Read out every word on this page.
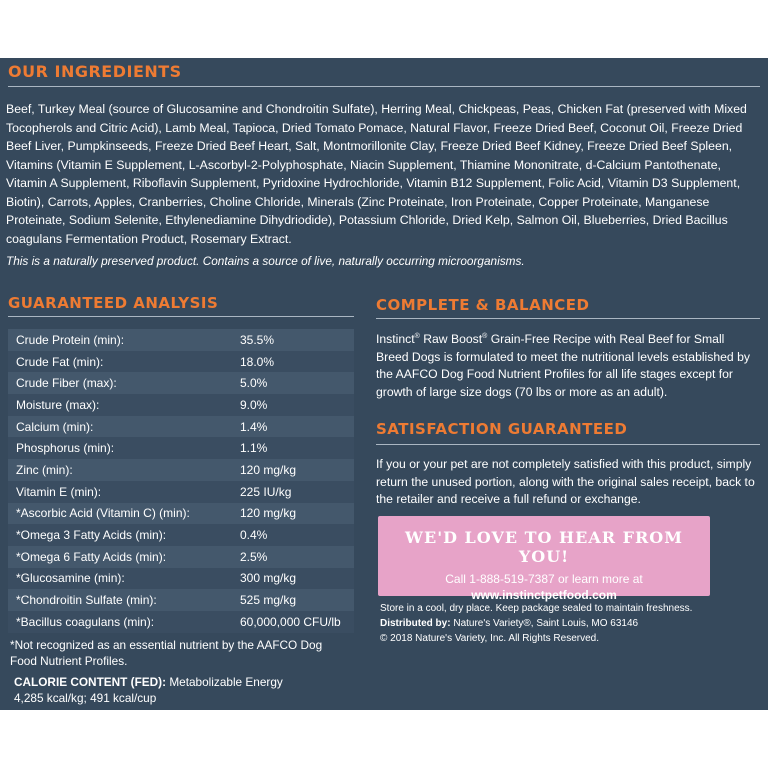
OUR INGREDIENTS
Beef, Turkey Meal (source of Glucosamine and Chondroitin Sulfate), Herring Meal, Chickpeas, Peas, Chicken Fat (preserved with Mixed Tocopherols and Citric Acid), Lamb Meal, Tapioca, Dried Tomato Pomace, Natural Flavor, Freeze Dried Beef, Coconut Oil, Freeze Dried Beef Liver, Pumpkinseeds, Freeze Dried Beef Heart, Salt, Montmorillonite Clay, Freeze Dried Beef Kidney, Freeze Dried Beef Spleen, Vitamins (Vitamin E Supplement, L-Ascorbyl-2-Polyphosphate, Niacin Supplement, Thiamine Mononitrate, d-Calcium Pantothenate, Vitamin A Supplement, Riboflavin Supplement, Pyridoxine Hydrochloride, Vitamin B12 Supplement, Folic Acid, Vitamin D3 Supplement, Biotin), Carrots, Apples, Cranberries, Choline Chloride, Minerals (Zinc Proteinate, Iron Proteinate, Copper Proteinate, Manganese Proteinate, Sodium Selenite, Ethylenediamine Dihydriodide), Potassium Chloride, Dried Kelp, Salmon Oil, Blueberries, Dried Bacillus coagulans Fermentation Product, Rosemary Extract.
This is a naturally preserved product. Contains a source of live, naturally occurring microorganisms.
GUARANTEED ANALYSIS
Crude Protein (min):	35.5%
Crude Fat (min):	18.0%
Crude Fiber (max):	5.0%
Moisture (max):	9.0%
Calcium (min):	1.4%
Phosphorus (min):	1.1%
Zinc (min):	120 mg/kg
Vitamin E (min):	225 IU/kg
*Ascorbic Acid (Vitamin C) (min):	120 mg/kg
*Omega 3 Fatty Acids (min):	0.4%
*Omega 6 Fatty Acids (min):	2.5%
*Glucosamine (min):	300 mg/kg
*Chondroitin Sulfate (min):	525 mg/kg
*Bacillus coagulans (min):	60,000,000 CFU/lb
*Not recognized as an essential nutrient by the AAFCO Dog Food Nutrient Profiles.
CALORIE CONTENT (FED): Metabolizable Energy
4,285 kcal/kg; 491 kcal/cup
COMPLETE & BALANCED
Instinct® Raw Boost® Grain-Free Recipe with Real Beef for Small Breed Dogs is formulated to meet the nutritional levels established by the AAFCO Dog Food Nutrient Profiles for all life stages except for growth of large size dogs (70 lbs or more as an adult).
SATISFACTION GUARANTEED
If you or your pet are not completely satisfied with this product, simply return the unused portion, along with the original sales receipt, back to the retailer and receive a full refund or exchange.
WE'D LOVE TO HEAR FROM YOU!
Call 1-888-519-7387 or learn more at
www.instinctpetfood.com
Store in a cool, dry place. Keep package sealed to maintain freshness.
Distributed by: Nature's Variety®, Saint Louis, MO 63146
© 2018 Nature's Variety, Inc. All Rights Reserved.
